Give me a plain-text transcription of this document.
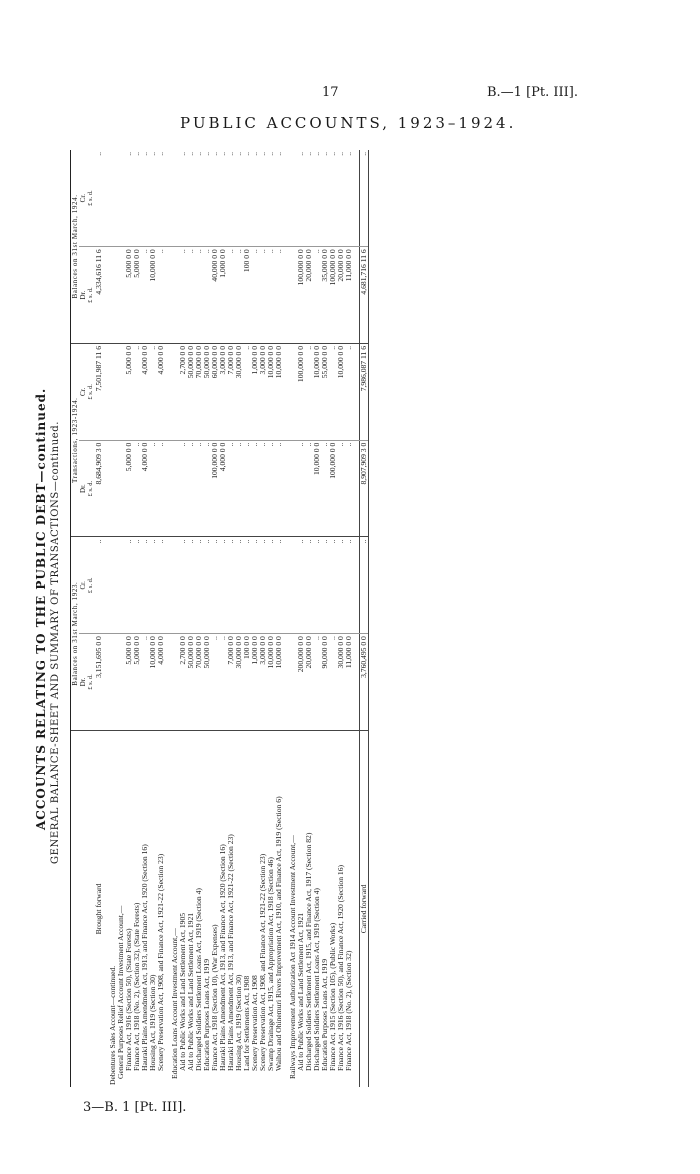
17	B.—1 [Pt. III].
PUBLIC ACCOUNTS, 1923–1924.
ACCOUNTS RELATING TO THE PUBLIC DEBT—continued. GENERAL BALANCE-SHEET AND SUMMARY OF TRANSACTIONS—continued.
	Balances on 31st March, 1923.		Transactions, 1923-1924.		Balances on 31st March, 1924.	
	Dr.	Cr.	Dr.	Cr.	Dr.	Cr.
	£ s. d.	£ s. d.	£ s. d.	£ s. d.	£ s. d.	£ s. d.
Brought forward	3,151,695 0 0	..	8,684,909 3 0	7,501,987 11 6	4,334,616 11 6	..

Debentures Sales Account—continued.						
General Purposes Relief Account Investment Account,—						
Finance Act, 1916 (Section 50), (State Forests)	5,000 0 0	..	5,000 0 0	5,000 0 0	5,000 0 0	..
Finance Act, 1918 (No. 2), (Section 32), (State Forests)	5,000 0 0	..	..	..	5,000 0 0	..
Hauraki Plains Amendment Act, 1913, and Finance Act, 1920 (Section 16)	..	..	4,000 0 0	4,000 0 0	..	..
Housing Act, 1919 (Section 30)	10,000 0 0	..	..	..	10,000 0 0	..
Scenery Preservation Act, 1908, and Finance Act, 1921-22 (Section 23)	4,000 0 0	..	..	4,000 0 0	..	..

Education Loans Account Investment Account,—						
Aid to Public Works and Land Settlement Act, 1905	2,700 0 0	..	..	2,700 0 0	..	..
Aid to Public Works and Land Settlement Act, 1921	50,000 0 0	..	..	50,000 0 0	..	..
Discharged Soldiers Settlement Loans Act, 1919 (Section 4)	70,000 0 0	..	..	70,000 0 0	..	..
Education Purposes Loans Act, 1919	50,000 0 0	..	..	50,000 0 0	..	..
Finance Act, 1918 (Section 10), (War Expenses)	..	..	100,000 0 0	60,000 0 0	40,000 0 0	..
Hauraki Plains Amendment Act, 1913, and Finance Act, 1920 (Section 16)	..	..	4,000 0 0	3,000 0 0	1,000 0 0	..
Hauraki Plains Amendment Act, 1913, and Finance Act, 1921-22 (Section 23)	7,000 0 0	..	..	7,000 0 0	..	..
Housing Act, 1919 (Section 30)	30,000 0 0	..	..	30,000 0 0	..	..
Land for Settlements Act, 1908	100 0 0	..	..	..	100 0 0	..
Scenery Preservation Act, 1908	1,000 0 0	..	..	1,000 0 0	..	..
Scenery Preservation Act, 1908, and Finance Act, 1921-22 (Section 23)	3,000 0 0	..	..	3,000 0 0	..	..
Swamp Drainage Act, 1915, and Appropriation Act, 1918 (Section 46)	10,000 0 0	..	..	10,000 0 0	..	..
Waihou and Ohinemuri Rivers Improvement Act, 1910, and Finance Act, 1919 (Section 6)	10,000 0 0	..	..	10,000 0 0	..	..

Railways Improvement Authorization Act 1914 Account Investment Account,—						
Aid to Public Works and Land Settlement Act, 1921	200,000 0 0	..	..	100,000 0 0	100,000 0 0	..
Discharged Soldiers Settlement Act, 1915, and Finance Act, 1917 (Section 82)	20,000 0 0	..	..	..	20,000 0 0	..
Discharged Soldiers Settlement Loans Act, 1919 (Section 4)	..	..	10,000 0 0	10,000 0 0	..	..
Education Purposes Loans Act, 1919	90,000 0 0	..	..	55,000 0 0	35,000 0 0	..
Finance Act, 1915 (Section 105), (Public Works)	..	..	100,000 0 0	..	100,000 0 0	..
Finance Act, 1916 (Section 50), and Finance Act, 1920 (Section 16)	30,000 0 0	..	..	10,000 0 0	20,000 0 0	..
Finance Act, 1918 (No. 2), (Section 32)	11,000 0 0	..	..	..	11,000 0 0	..

Carried forward	3,760,495 0 0	..	8,907,909 3 0	7,986,087 11 6	4,681,716 11 6	..
3—B. 1 [Pt. III].
